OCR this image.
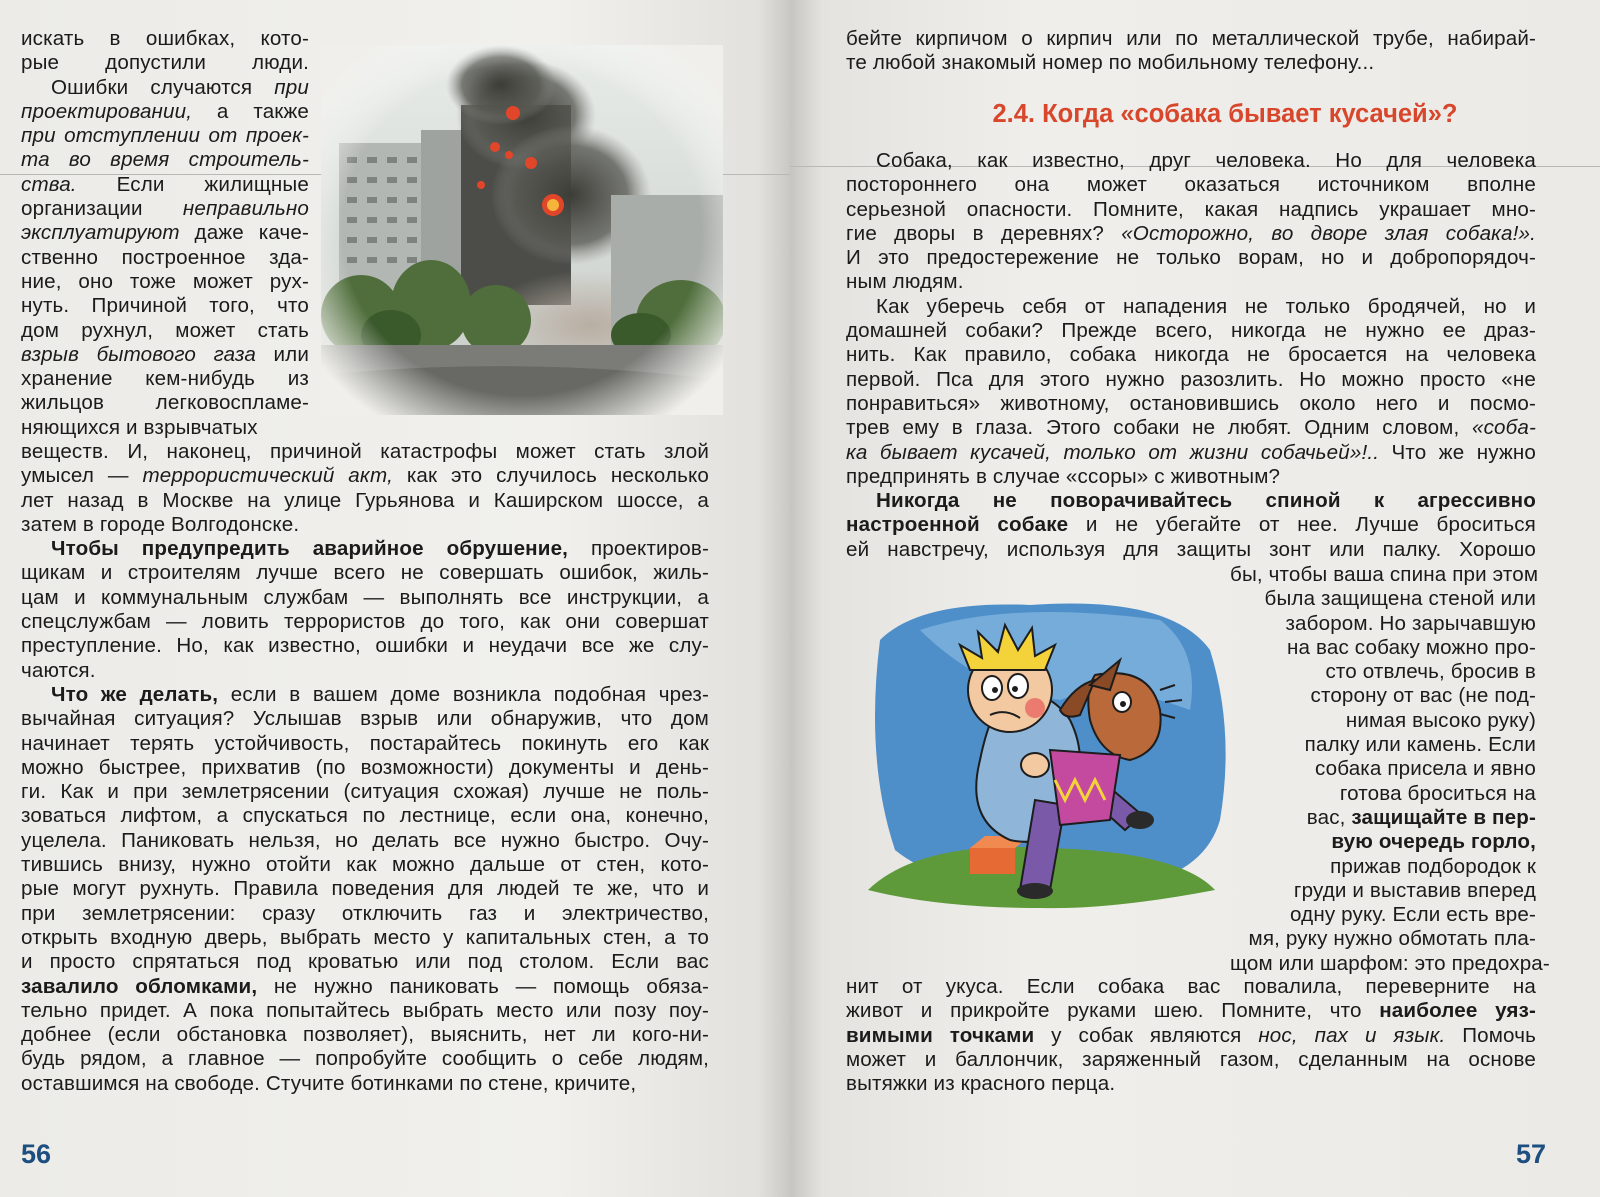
искать в ошибках, кото-
рые допустили люди.
Ошибки случаются при
проектировании, а также
при отступлении от проек-
та во время строитель-
ства. Если жилищные
организации неправильно
эксплуатируют даже каче-
ственно построенное зда-
ние, оно тоже может рух-
нуть. Причиной того, что
дом рухнул, может стать
взрыв бытового газа или
хранение кем-нибудь из
жильцов легковоспламе-
няющихся и взрывчатых
веществ. И, наконец, причиной катастрофы может стать злой
умысел — террористический акт, как это случилось несколько
лет назад в Москве на улице Гурьянова и Каширском шоссе, а
затем в городе Волгодонске.
Чтобы предупредить аварийное обрушение, проектиров-
щикам и строителям лучше всего не совершать ошибок, жиль-
цам и коммунальным службам — выполнять все инструкции, а
спецслужбам — ловить террористов до того, как они совершат
преступление. Но, как известно, ошибки и неудачи все же слу-
чаются.
Что же делать, если в вашем доме возникла подобная чрез-
вычайная ситуация? Услышав взрыв или обнаружив, что дом
начинает терять устойчивость, постарайтесь покинуть его как
можно быстрее, прихватив (по возможности) документы и день-
ги. Как и при землетрясении (ситуация схожая) лучше не поль-
зоваться лифтом, а спускаться по лестнице, если она, конечно,
уцелела. Паниковать нельзя, но делать все нужно быстро. Очу-
тившись внизу, нужно отойти как можно дальше от стен, кото-
рые могут рухнуть. Правила поведения для людей те же, что и
при землетрясении: сразу отключить газ и электричество,
открыть входную дверь, выбрать место у капитальных стен, а то
и просто спрятаться под кроватью или под столом. Если вас
завалило обломками, не нужно паниковать — помощь обяза-
тельно придет. А пока попытайтесь выбрать место или позу поу-
добнее (если обстановка позволяет), выяснить, нет ли кого-ни-
будь рядом, а главное — попробуйте сообщить о себе людям,
оставшимся на свободе. Стучите ботинками по стене, кричите,
56
бейте кирпичом о кирпич или по металлической трубе, набирай-
те любой знакомый номер по мобильному телефону...
2.4. Когда «собака бывает кусачей»?
Собака, как известно, друг человека. Но для человека
постороннего она может оказаться источником вполне
серьезной опасности. Помните, какая надпись украшает мно-
гие дворы в деревнях? «Осторожно, во дворе злая собака!».
И это предостережение не только ворам, но и добропорядоч-
ным людям.
Как уберечь себя от нападения не только бродячей, но и
домашней собаки? Прежде всего, никогда не нужно ее драз-
нить. Как правило, собака никогда не бросается на человека
первой. Пса для этого нужно разозлить. Но можно просто «не
понравиться» животному, остановившись около него и посмо-
трев ему в глаза. Этого собаки не любят. Одним словом, «соба-
ка бывает кусачей, только от жизни собачьей»!.. Что же нужно
предпринять в случае «ссоры» с животным?
Никогда не поворачивайтесь спиной к агрессивно
настроенной собаке и не убегайте от нее. Лучше броситься
ей навстречу, используя для защиты зонт или палку. Хорошо
бы, чтобы ваша спина при этом
была защищена стеной или
забором. Но зарычавшую
на вас собаку можно про-
сто отвлечь, бросив в
сторону от вас (не под-
нимая высоко руку)
палку или камень. Если
собака присела и явно
готова броситься на
вас, защищайте в пер-
вую очередь горло,
прижав подбородок к
груди и выставив вперед
одну руку. Если есть вре-
мя, руку нужно обмотать пла-
щом или шарфом: это предохра-
нит от укуса. Если собака вас повалила, переверните на
живот и прикройте руками шею. Помните, что наиболее уяз-
вимыми точками у собак являются нос, пах и язык. Помочь
может и баллончик, заряженный газом, сделанным на основе
вытяжки из красного перца.
57
